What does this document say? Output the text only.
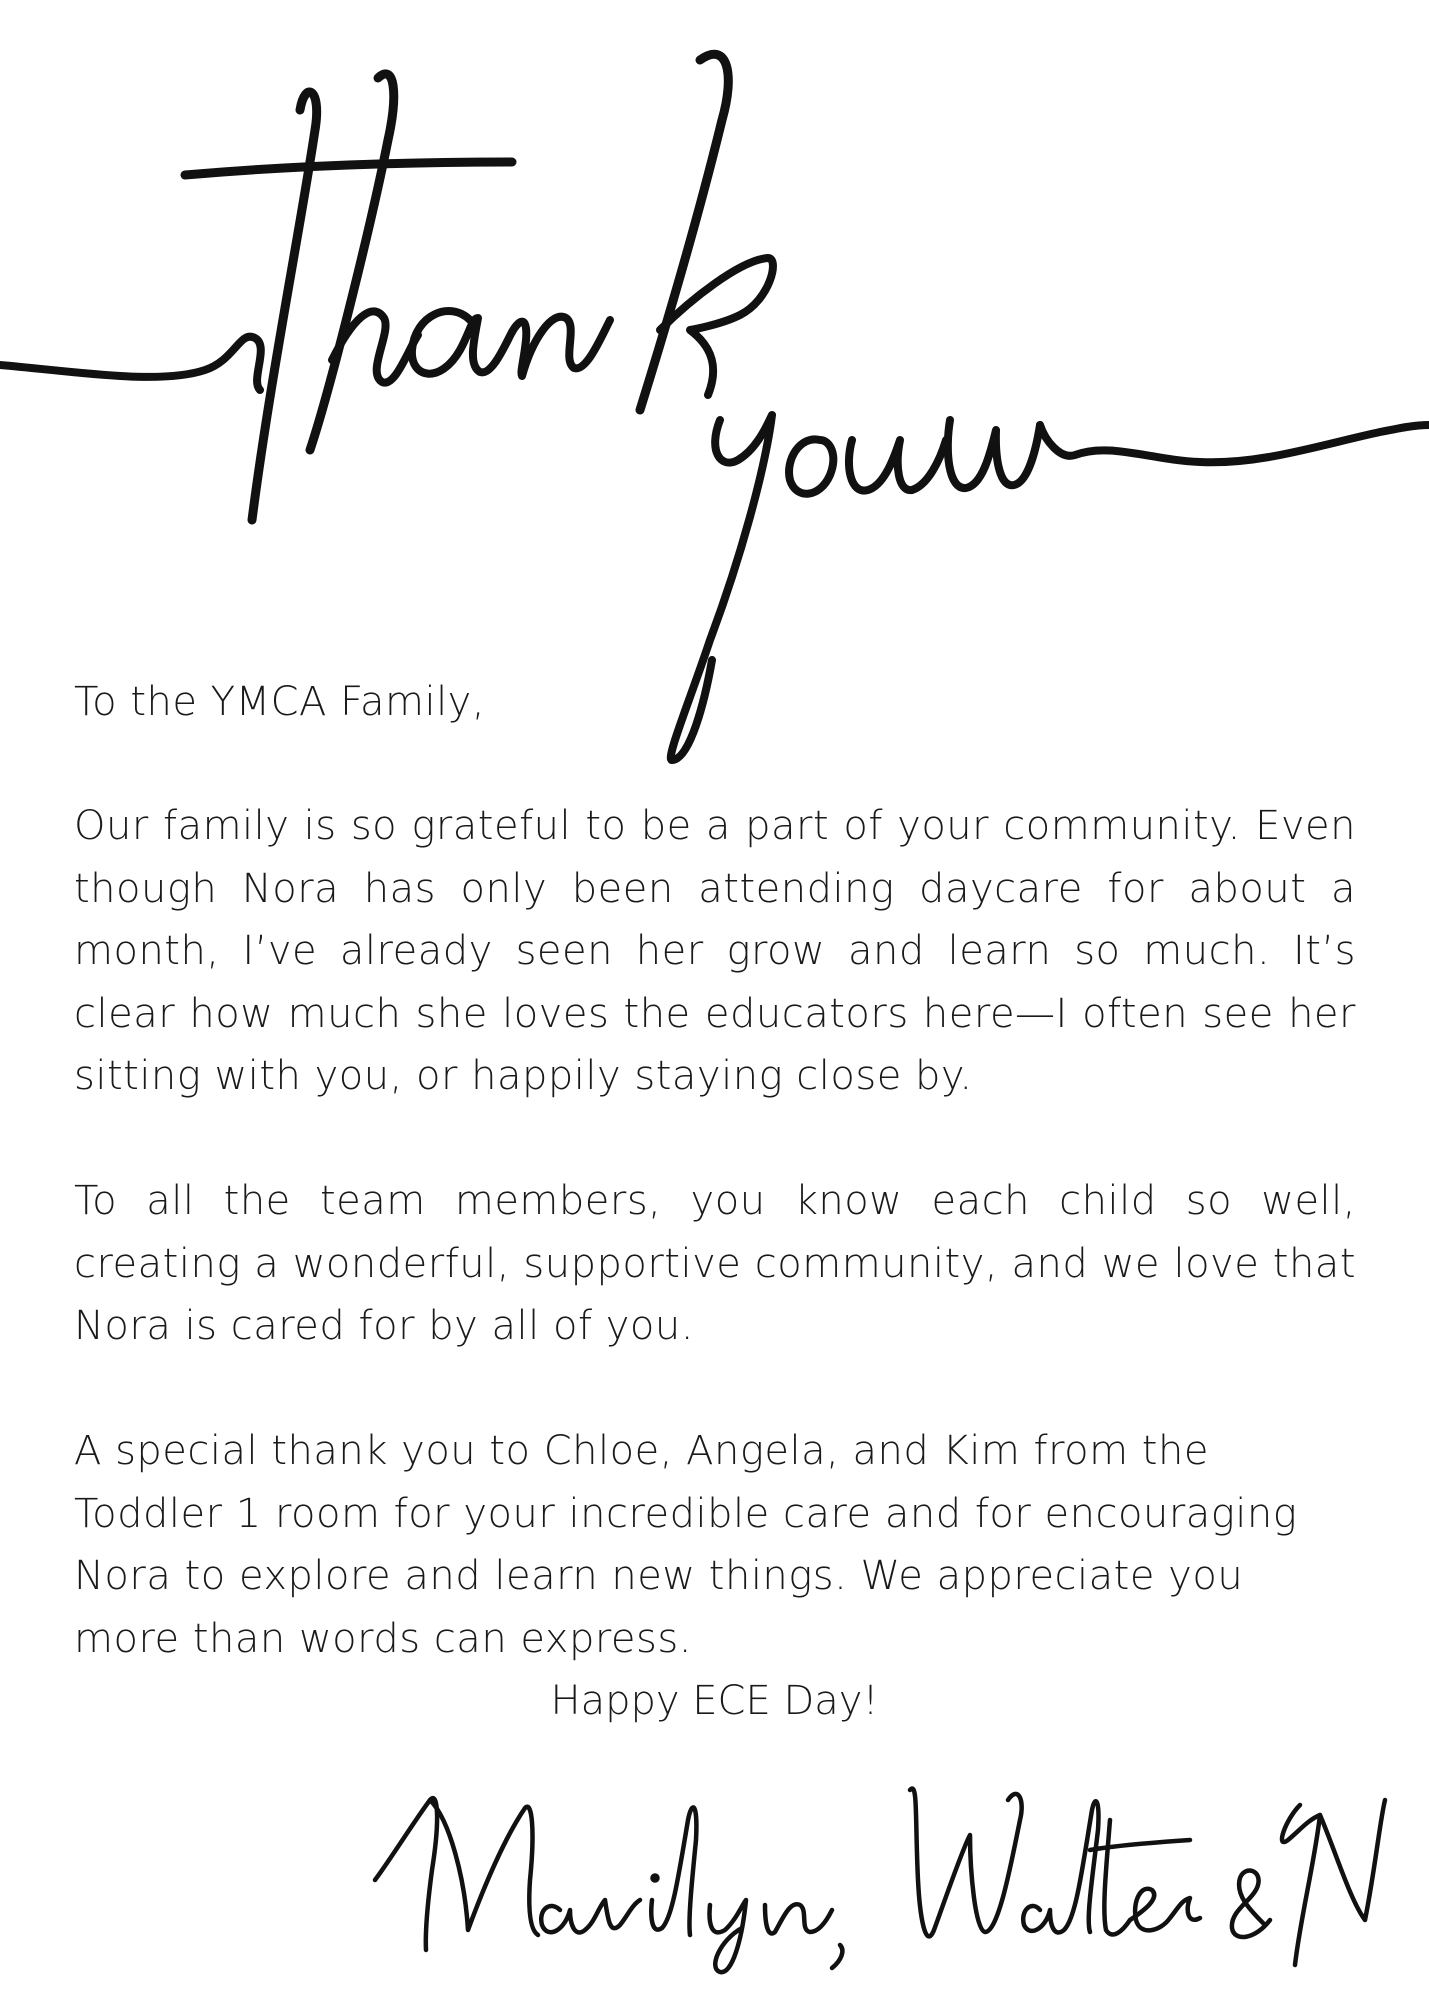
To the YMCA Family,

Our family is so grateful to be a part of your community. Even though Nora has only been attending daycare for about a month, I’ve already seen her grow and learn so much. It’s clear how much she loves the educators here—I often see her sitting with you, or happily staying close by.

To all the team members, you know each child so well, creating a wonderful, supportive community, and we love that Nora is cared for by all of you.

A special thank you to Chloe, Angela, and Kim from the Toddler 1 room for your incredible care and for encouraging Nora to explore and learn new things. We appreciate you more than words can express.

Happy ECE Day!
